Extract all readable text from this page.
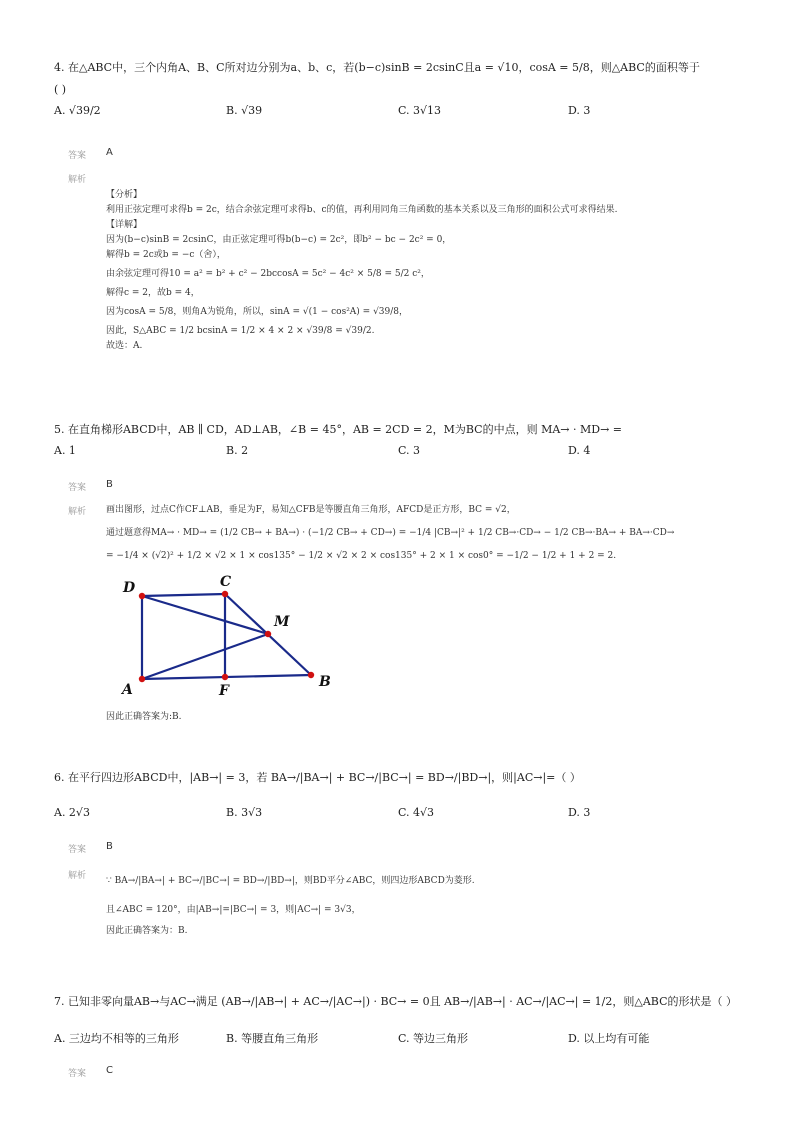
4. 在△ABC中，三个内角A、B、C所对边分别为a、b、c，若(b−c)sinB = 2csinC且a = √10，cosA = 5/8，则△ABC的面积等于
( )
A. √39/2	B. √39	C. 3√13	D. 3
答案 A
解析
【分析】
利用正弦定理可求得b = 2c，结合余弦定理可求得b、c的值，再利用同角三角函数的基本关系以及三角形的面积公式可求得结果.
【详解】
因为(b−c)sinB = 2csinC，由正弦定理可得b(b−c) = 2c²，即b² − bc − 2c² = 0，
解得b = 2c或b = −c（舍），
由余弦定理可得10 = a² = b² + c² − 2bccosA = 5c² − 4c² × 5/8 = 5/2 c²，
解得c = 2，故b = 4，
因为cosA = 5/8，则角A为锐角，所以，sinA = √(1 − cos²A) = √39/8，
因此，S△ABC = 1/2 bcsinA = 1/2 × 4 × 2 × √39/8 = √39/2.
故选：A.
5. 在直角梯形ABCD中，AB ∥ CD，AD⊥AB，∠B = 45°，AB = 2CD = 2，M为BC的中点，则 MA→ · MD→ =
A. 1	B. 2	C. 3	D. 4
答案 B
解析 画出图形，过点C作CF⊥AB，垂足为F，易知△CFB是等腰直角三角形，AFCD是正方形，BC = √2，
通过题意得MA→ · MD→ = (1/2 CB→ + BA→) · (−1/2 CB→ + CD→) = −1/4 |CB→|² + 1/2 CB→·CD→ − 1/2 CB→·BA→ + BA→·CD→
= −1/4 × (√2)² + 1/2 × √2 × 1 × cos135° − 1/2 × √2 × 2 × cos135° + 2 × 1 × cos0° = −1/2 − 1/2 + 1 + 2 = 2.
D	C
M
A	F
B
因此正确答案为:B.
6. 在平行四边形ABCD中，|AB→| = 3，若 BA→/|BA→| + BC→/|BC→| = BD→/|BD→|，则|AC→|=（ ）
A. 2√3	B. 3√3	C. 4√3	D. 3
答案 B
解析 ∵ BA→/|BA→| + BC→/|BC→| = BD→/|BD→|，则BD平分∠ABC，则四边形ABCD为菱形.
且∠ABC = 120°，由|AB→|=|BC→| = 3，则|AC→| = 3√3，
因此正确答案为：B.
7. 已知非零向量AB→与AC→满足 (AB→/|AB→| + AC→/|AC→|) · BC→ = 0且 AB→/|AB→| · AC→/|AC→| = 1/2，则△ABC的形状是（ ）
A. 三边均不相等的三角形	B. 等腰直角三角形	C. 等边三角形	D. 以上均有可能
答案 C
